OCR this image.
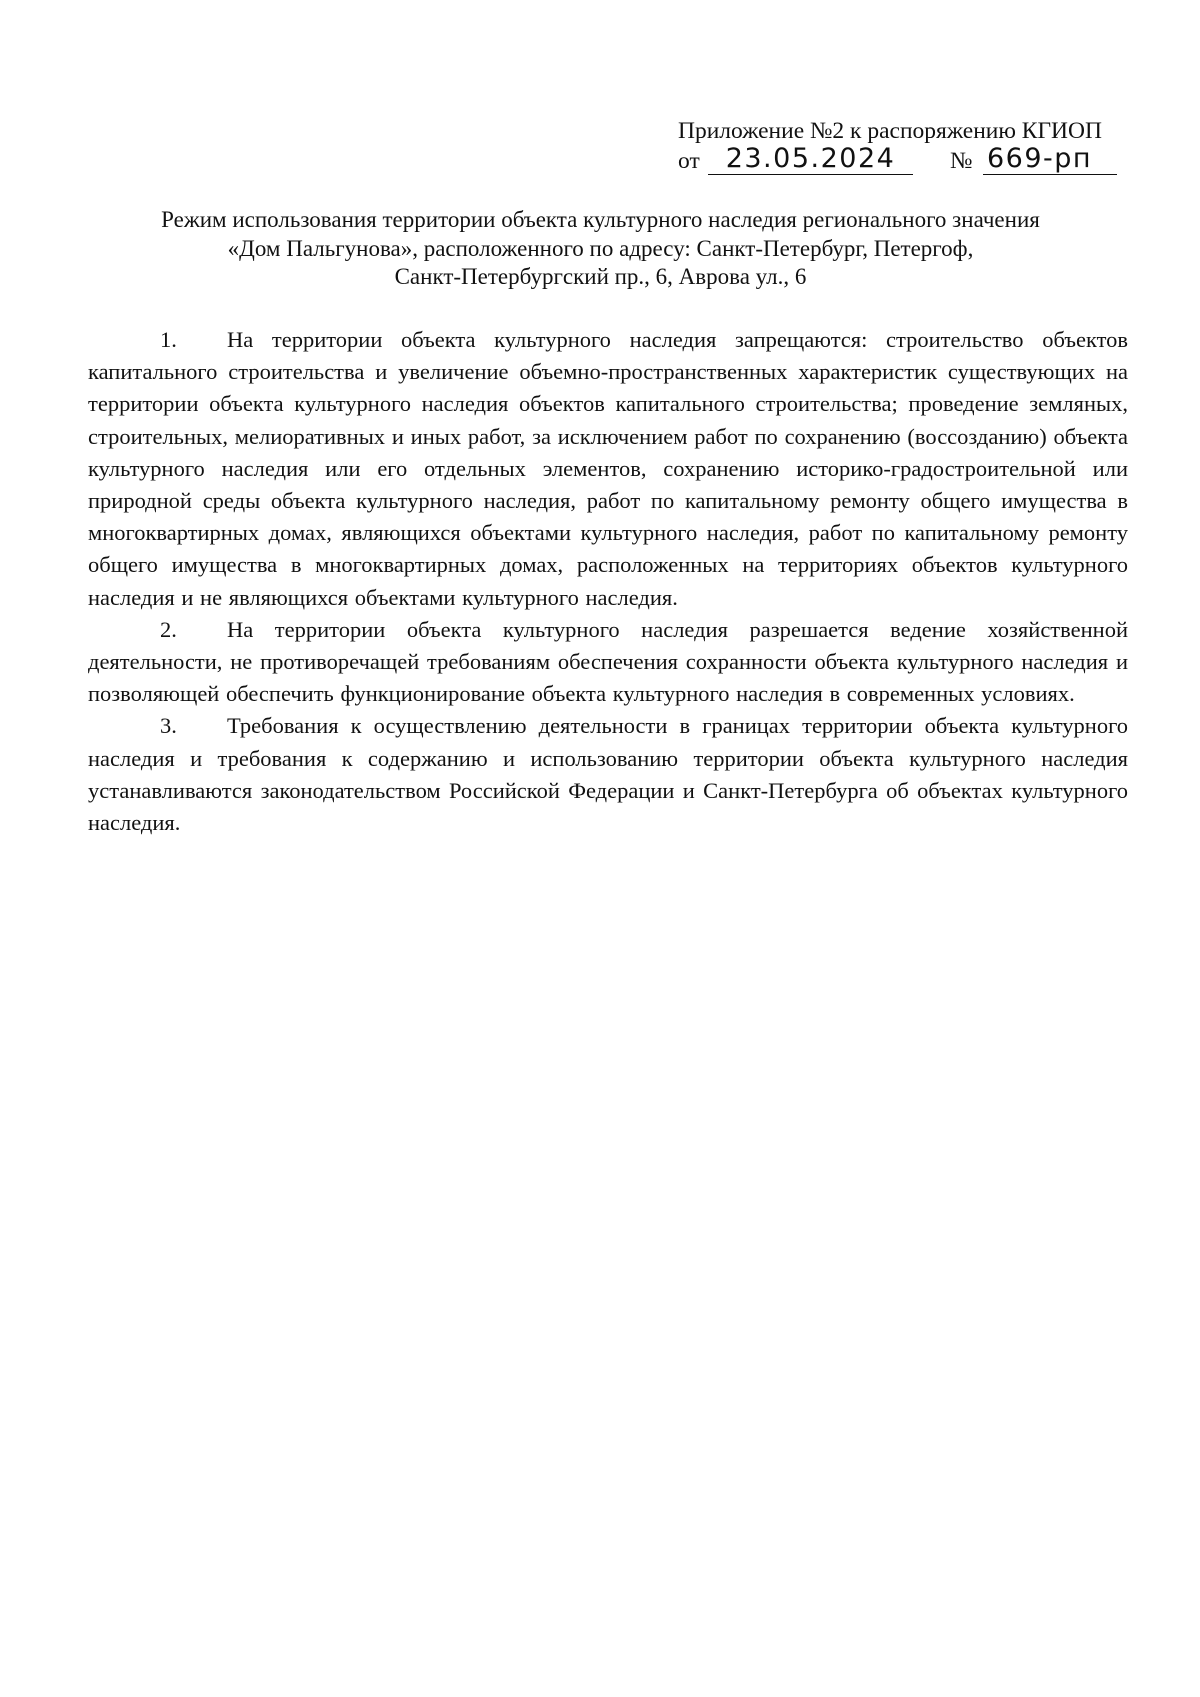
Приложение №2 к распоряжению КГИОП
от 23.05.2024	№ 669-рп
Режим использования территории объекта культурного наследия регионального значения
«Дом Пальгунова», расположенного по адресу: Санкт-Петербург, Петергоф,
Санкт-Петербургский пр., 6, Аврова ул., 6

1. На территории объекта культурного наследия запрещаются: строительство объектов капитального строительства и увеличение объемно-пространственных характеристик существующих на территории объекта культурного наследия объектов капитального строительства; проведение земляных, строительных, мелиоративных и иных работ, за исключением работ по сохранению (воссозданию) объекта культурного наследия или его отдельных элементов, сохранению историко-градостроительной или природной среды объекта культурного наследия, работ по капитальному ремонту общего имущества в многоквартирных домах, являющихся объектами культурного наследия, работ по капитальному ремонту общего имущества в многоквартирных домах, расположенных на территориях объектов культурного наследия и не являющихся объектами культурного наследия.

2. На территории объекта культурного наследия разрешается ведение хозяйственной деятельности, не противоречащей требованиям обеспечения сохранности объекта культурного наследия и позволяющей обеспечить функционирование объекта культурного наследия в современных условиях.

3. Требования к осуществлению деятельности в границах территории объекта культурного наследия и требования к содержанию и использованию территории объекта культурного наследия устанавливаются законодательством Российской Федерации и Санкт-Петербурга об объектах культурного наследия.
